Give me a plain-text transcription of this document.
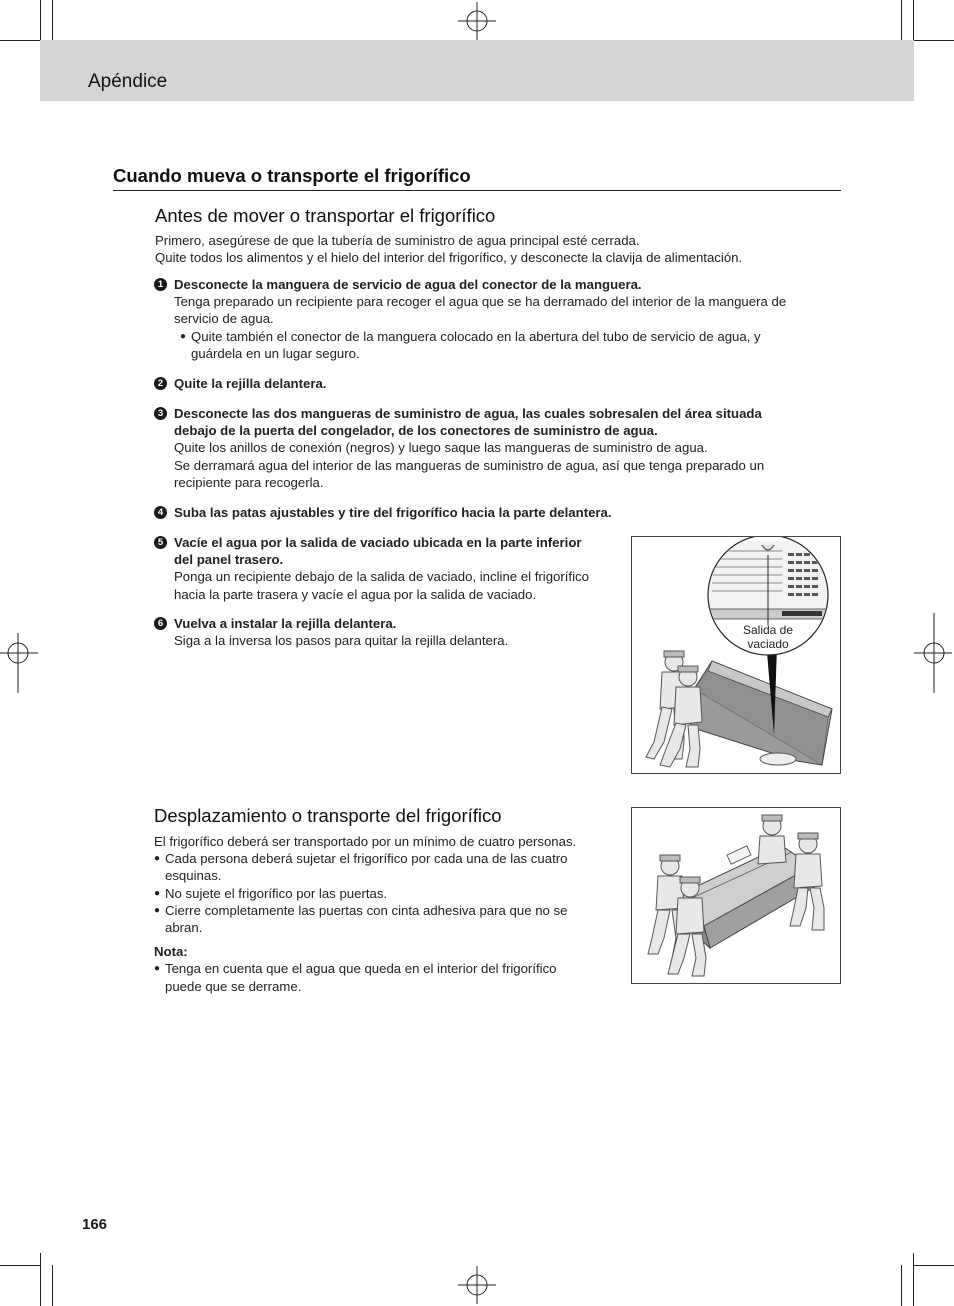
Apéndice
Cuando mueva o transporte el frigorífico
Antes de mover o transportar el frigorífico
Primero, asegúrese de que la tubería de suministro de agua principal esté cerrada.
Quite todos los alimentos y el hielo del interior del frigorífico, y desconecte la clavija de alimentación.
1 Desconecte la manguera de servicio de agua del conector de la manguera.
Tenga preparado un recipiente para recoger el agua que se ha derramado del interior de la manguera de
servicio de agua.
● Quite también el conector de la manguera colocado en la abertura del tubo de servicio de agua, y
guárdela en un lugar seguro.
2 Quite la rejilla delantera.
3 Desconecte las dos mangueras de suministro de agua, las cuales sobresalen del área situada
debajo de la puerta del congelador, de los conectores de suministro de agua.
Quite los anillos de conexión (negros) y luego saque las mangueras de suministro de agua.
Se derramará agua del interior de las mangueras de suministro de agua, así que tenga preparado un
recipiente para recogerla.
4 Suba las patas ajustables y tire del frigorífico hacia la parte delantera.
5 Vacíe el agua por la salida de vaciado ubicada en la parte inferior
del panel trasero.
Ponga un recipiente debajo de la salida de vaciado, incline el frigorífico
hacia la parte trasera y vacíe el agua por la salida de vaciado.
6 Vuelva a instalar la rejilla delantera.
Siga a la inversa los pasos para quitar la rejilla delantera.
Salida de
vaciado
Desplazamiento o transporte del frigorífico
El frigorífico deberá ser transportado por un mínimo de cuatro personas.
● Cada persona deberá sujetar el frigorífico por cada una de las cuatro
esquinas.
● No sujete el frigorífico por las puertas.
● Cierre completamente las puertas con cinta adhesiva para que no se
abran.
Nota:
● Tenga en cuenta que el agua que queda en el interior del frigorífico
puede que se derrame.
166
